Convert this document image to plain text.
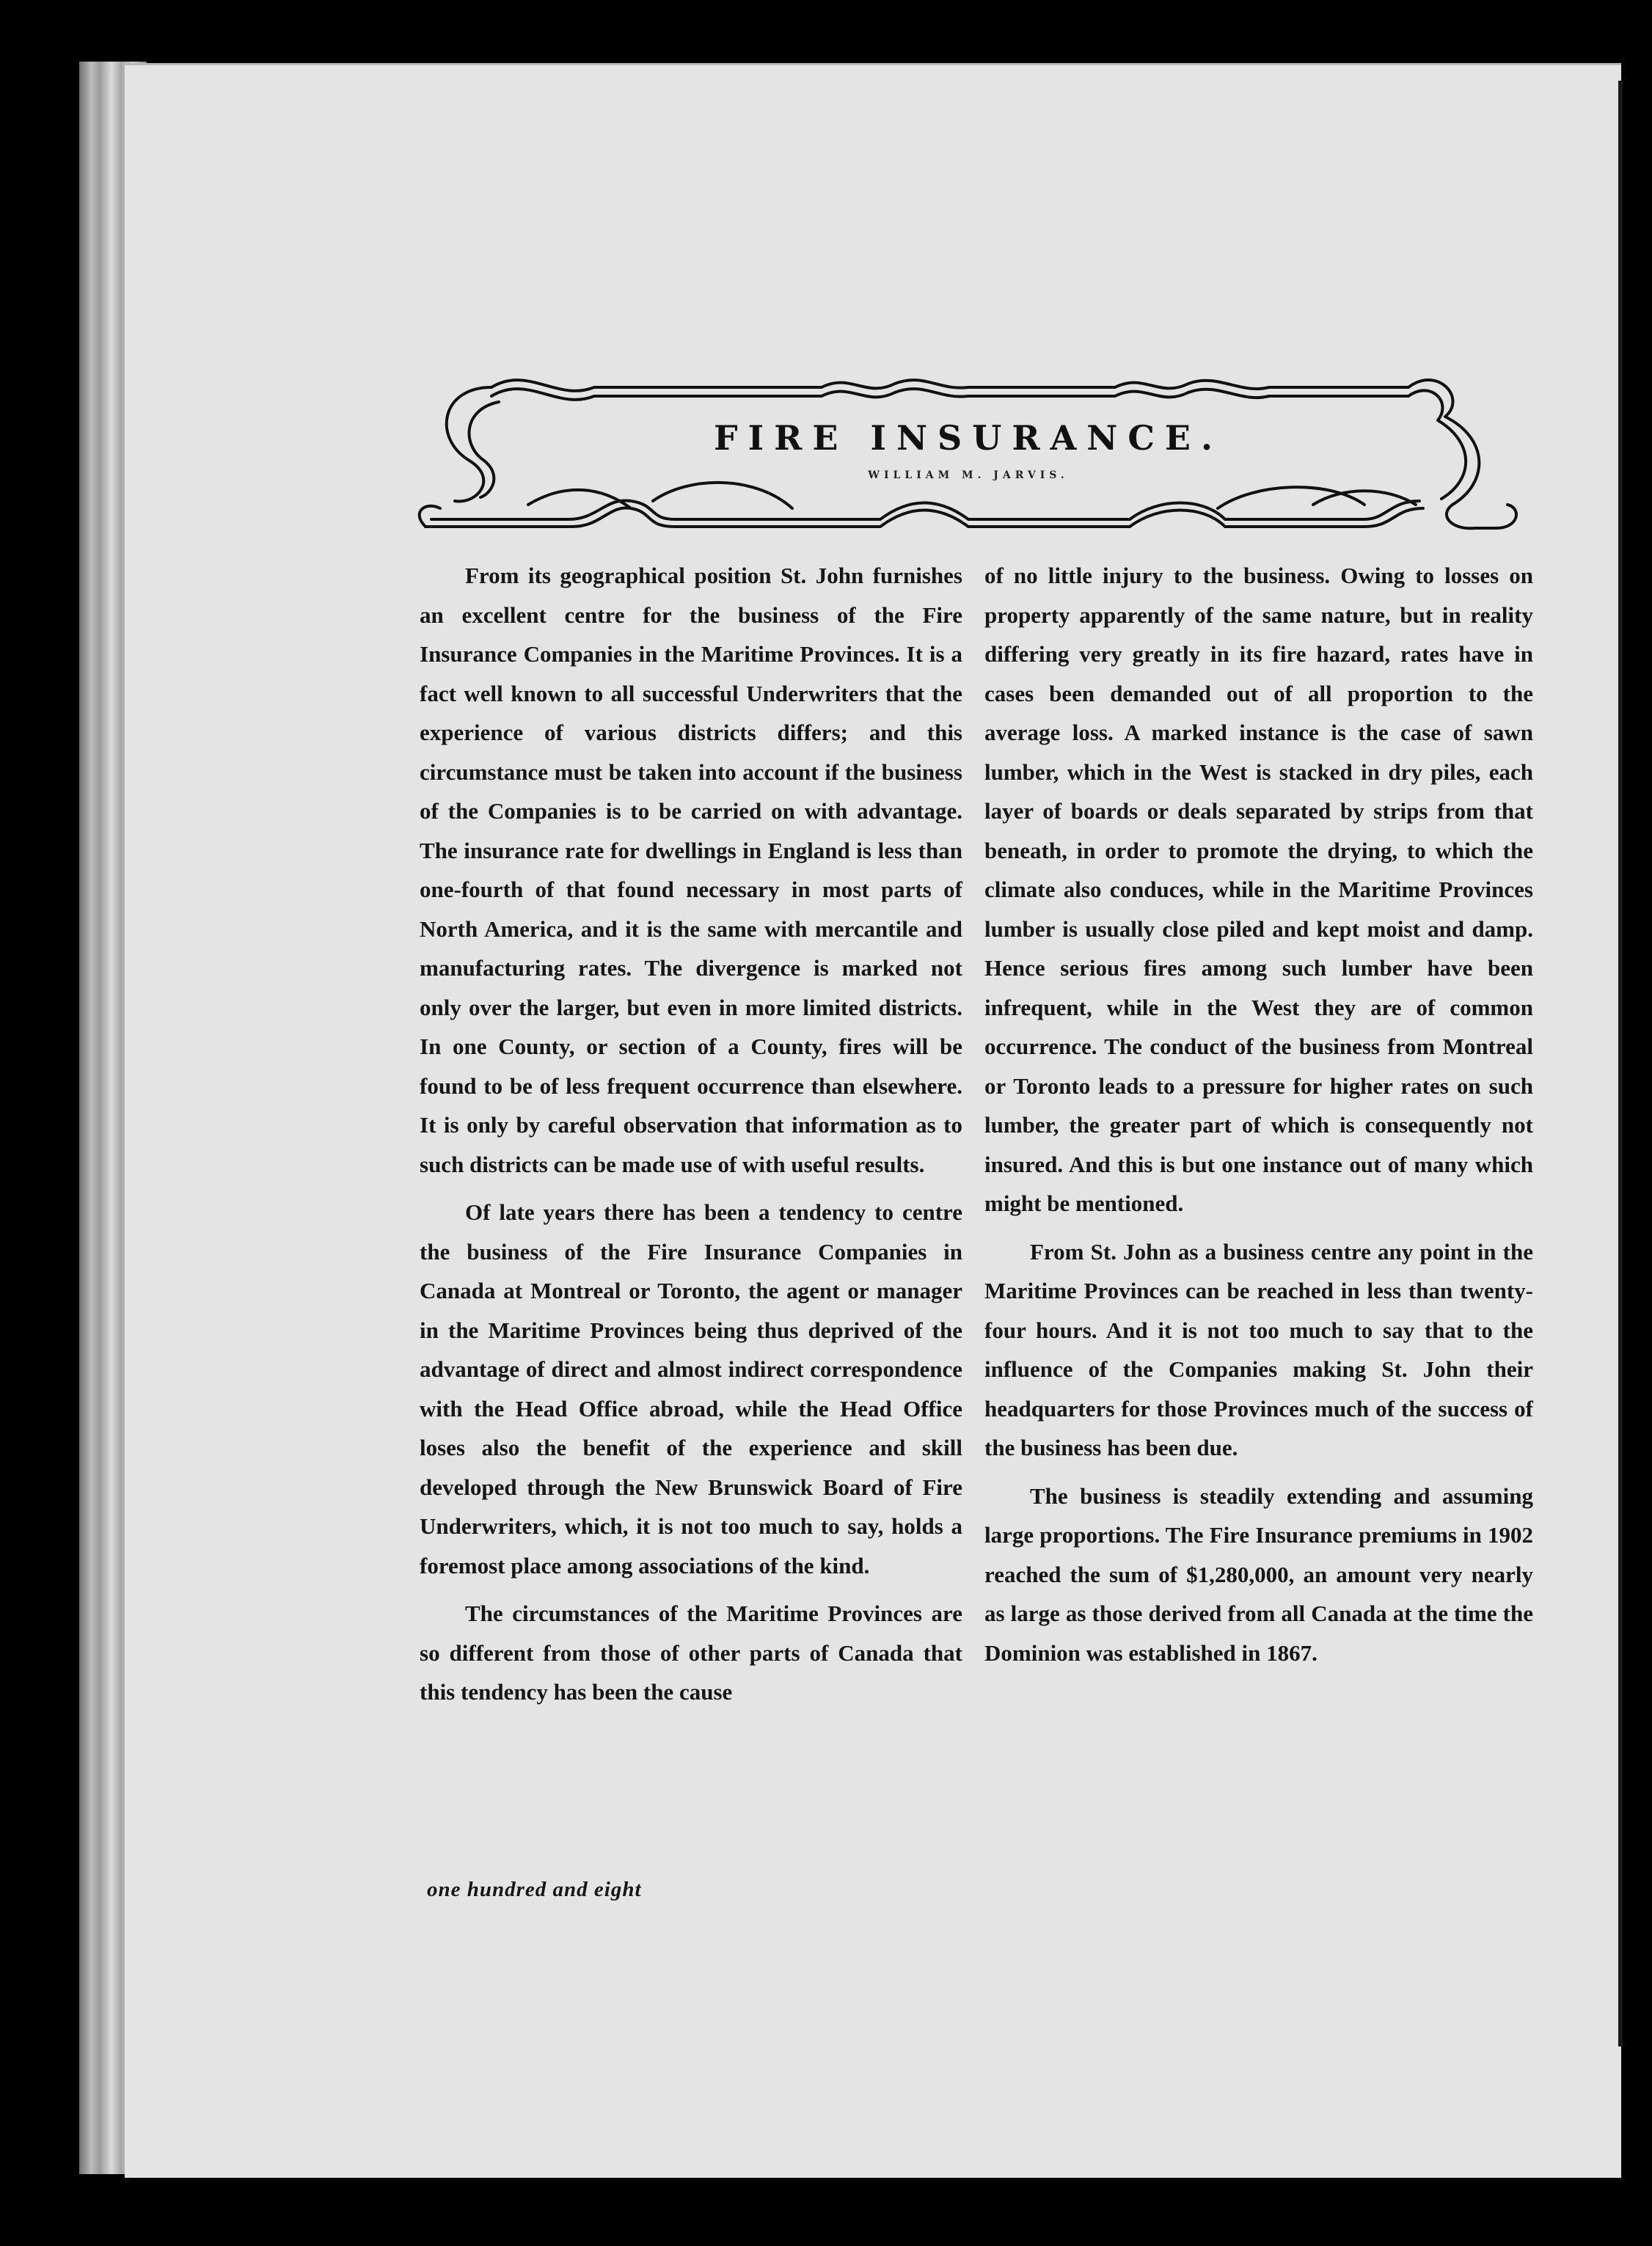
FIRE INSURANCE.
WILLIAM M. JARVIS.

From its geographical position St. John furnishes an excellent centre for the business of the Fire Insurance Companies in the Maritime Provinces. It is a fact well known to all successful Underwriters that the experience of various districts differs; and this circumstance must be taken into account if the business of the Companies is to be carried on with advantage. The insurance rate for dwellings in England is less than one-fourth of that found necessary in most parts of North America, and it is the same with mercantile and manufacturing rates. The divergence is marked not only over the larger, but even in more limited districts. In one County, or section of a County, fires will be found to be of less frequent occurrence than elsewhere. It is only by careful observation that information as to such districts can be made use of with useful results.

Of late years there has been a tendency to centre the business of the Fire Insurance Companies in Canada at Montreal or Toronto, the agent or manager in the Maritime Provinces being thus deprived of the advantage of direct and almost indirect correspondence with the Head Office abroad, while the Head Office loses also the benefit of the experience and skill developed through the New Brunswick Board of Fire Underwriters, which, it is not too much to say, holds a foremost place among associations of the kind.

The circumstances of the Maritime Provinces are so different from those of other parts of Canada that this tendency has been the cause

of no little injury to the business. Owing to losses on property apparently of the same nature, but in reality differing very greatly in its fire hazard, rates have in cases been demanded out of all proportion to the average loss. A marked instance is the case of sawn lumber, which in the West is stacked in dry piles, each layer of boards or deals separated by strips from that beneath, in order to promote the drying, to which the climate also conduces, while in the Maritime Provinces lumber is usually close piled and kept moist and damp. Hence serious fires among such lumber have been infrequent, while in the West they are of common occurrence. The conduct of the business from Montreal or Toronto leads to a pressure for higher rates on such lumber, the greater part of which is consequently not insured. And this is but one instance out of many which might be mentioned.

From St. John as a business centre any point in the Maritime Provinces can be reached in less than twenty-four hours. And it is not too much to say that to the influence of the Companies making St. John their headquarters for those Provinces much of the success of the business has been due.

The business is steadily extending and assuming large proportions. The Fire Insurance premiums in 1902 reached the sum of $1,280,000, an amount very nearly as large as those derived from all Canada at the time the Dominion was established in 1867.

one hundred and eight
